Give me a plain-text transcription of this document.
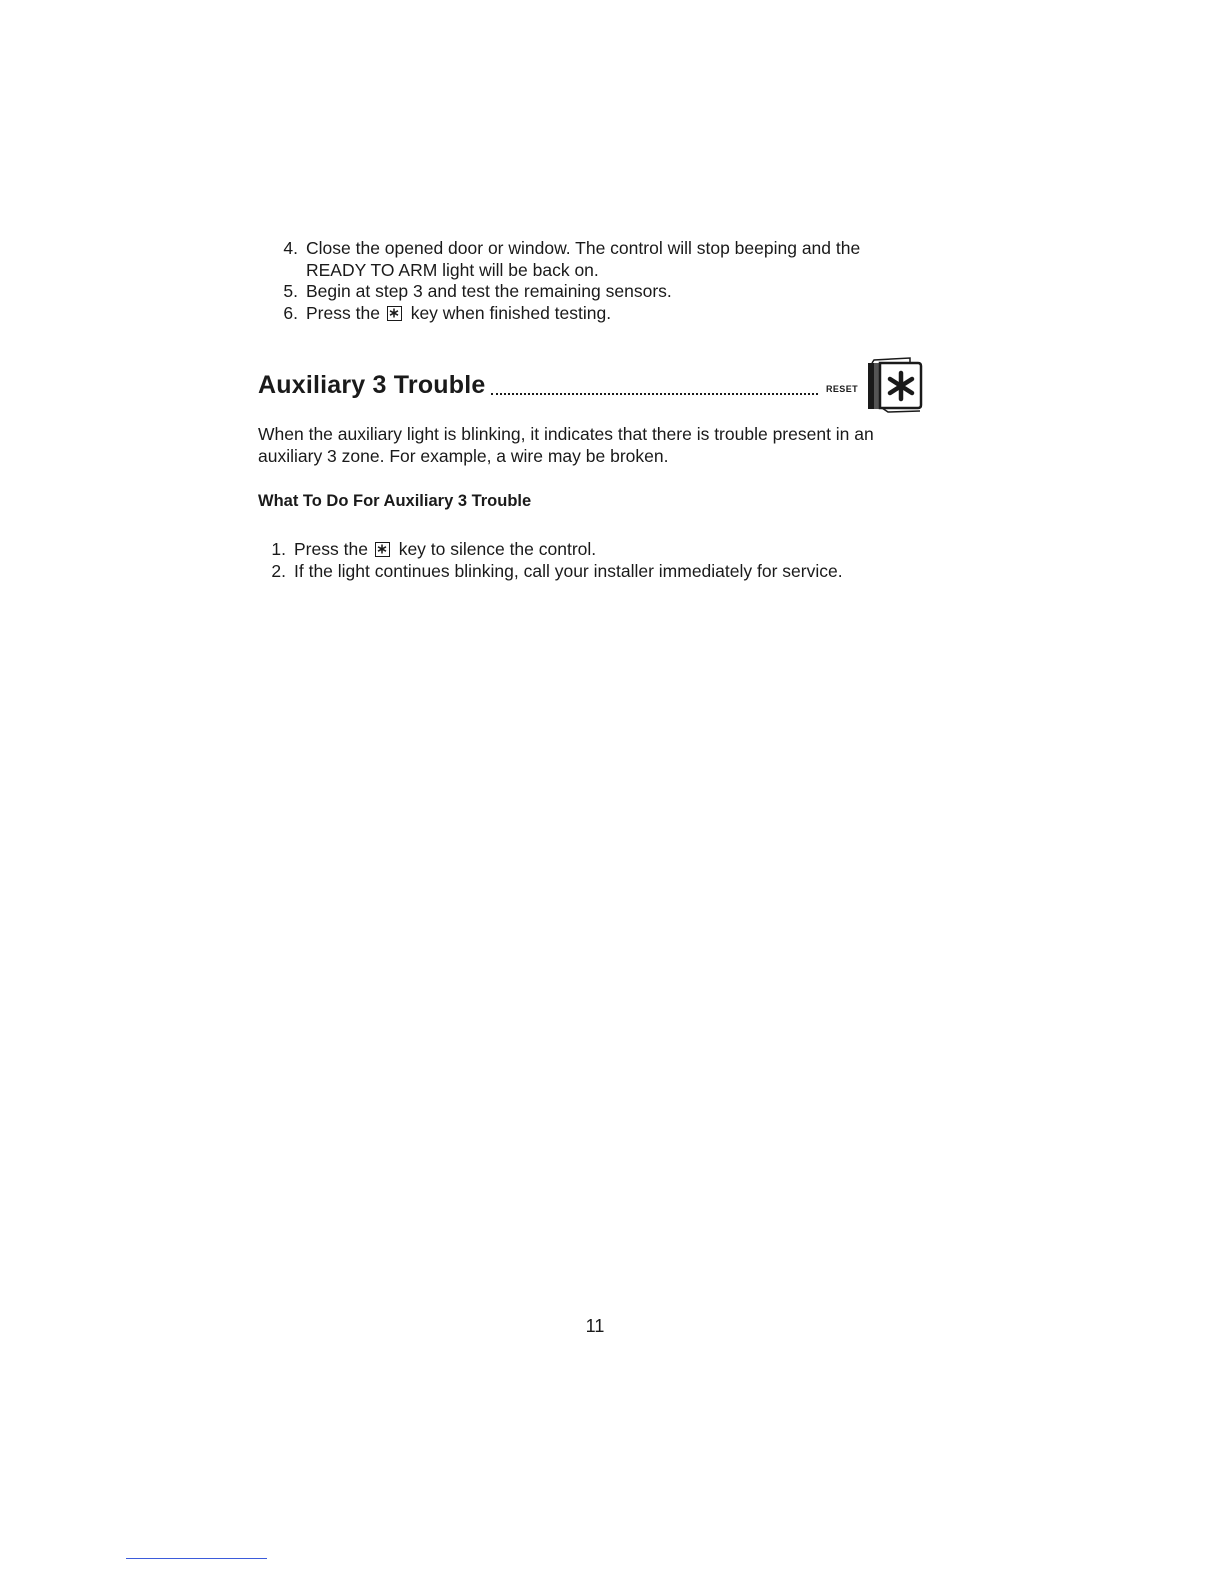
4. Close the opened door or window. The control will stop beeping and the
READY TO ARM light will be back on.
5. Begin at step 3 and test the remaining sensors.
6. Press the key when finished testing.
Auxiliary 3 Trouble	RESET

When the auxiliary light is blinking, it indicates that there is trouble present in an auxiliary 3 zone. For example, a wire may be broken.

What To Do For Auxiliary 3 Trouble

1. Press the key to silence the control.
2. If the light continues blinking, call your installer immediately for service.
11
